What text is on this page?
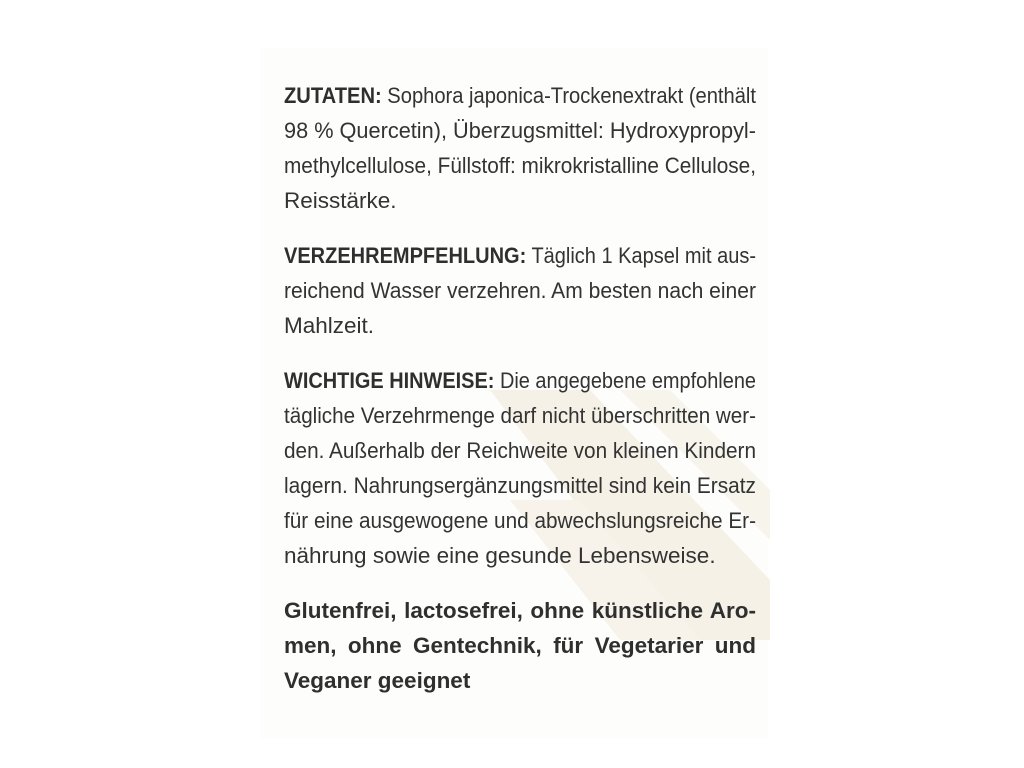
ZUTATEN: Sophora japonica-Trockenextrakt (enthält
98 % Quercetin), Überzugsmittel: Hydroxypropyl-
methylcellulose, Füllstoff: mikrokristalline Cellulose,
Reisstärke.
VERZEHREMPFEHLUNG: Täglich 1 Kapsel mit aus-
reichend Wasser verzehren. Am besten nach einer
Mahlzeit.
WICHTIGE HINWEISE: Die angegebene empfohlene
tägliche Verzehrmenge darf nicht überschritten wer-
den. Außerhalb der Reichweite von kleinen Kindern
lagern. Nahrungsergänzungsmittel sind kein Ersatz
für eine ausgewogene und abwechslungsreiche Er-
nährung sowie eine gesunde Lebensweise.
Glutenfrei, lactosefrei, ohne künstliche Aro-
men, ohne Gentechnik, für Vegetarier und
Veganer geeignet
